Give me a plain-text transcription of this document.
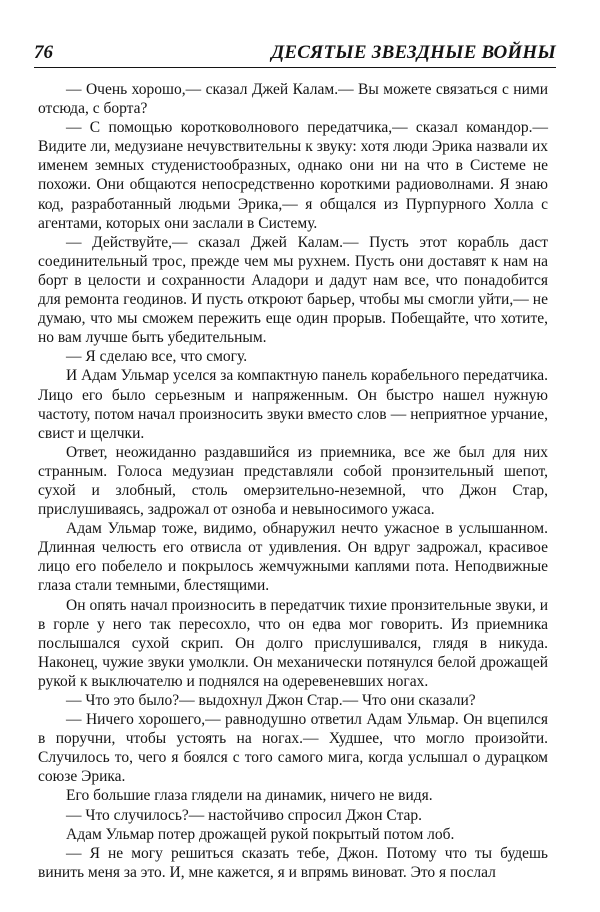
76	ДЕСЯТЫЕ ЗВЕЗДНЫЕ ВОЙНЫ

— Очень хорошо,— сказал Джей Калам.— Вы можете связаться с ними отсюда, с борта?

— С помощью коротковолнового передатчика,— сказал командор.— Видите ли, медузиане нечувствительны к звуку: хотя люди Эрика назвали их именем земных студенистообразных, однако они ни на что в Системе не похожи. Они общаются непосредственно короткими радиоволнами. Я знаю код, разработанный людьми Эрика,— я общался из Пурпурного Холла с агентами, которых они заслали в Систему.

— Действуйте,— сказал Джей Калам.— Пусть этот корабль даст соединительный трос, прежде чем мы рухнем. Пусть они доставят к нам на борт в целости и сохранности Аладори и дадут нам все, что понадобится для ремонта геодинов. И пусть откроют барьер, чтобы мы смогли уйти,— не думаю, что мы сможем пережить еще один прорыв. Побещайте, что хотите, но вам лучше быть убедительным.

— Я сделаю все, что смогу.

И Адам Ульмар уселся за компактную панель корабельного передатчика. Лицо его было серьезным и напряженным. Он быстро нашел нужную частоту, потом начал произносить звуки вместо слов — неприятное урчание, свист и щелчки.

Ответ, неожиданно раздавшийся из приемника, все же был для них странным. Голоса медузиан представляли собой пронзительный шепот, сухой и злобный, столь омерзительно-неземной, что Джон Стар, прислушиваясь, задрожал от озноба и невыносимого ужаса.

Адам Ульмар тоже, видимо, обнаружил нечто ужасное в услышанном. Длинная челюсть его отвисла от удивления. Он вдруг задрожал, красивое лицо его побелело и покрылось жемчужными каплями пота. Неподвижные глаза стали темными, блестящими.

Он опять начал произносить в передатчик тихие пронзительные звуки, и в горле у него так пересохло, что он едва мог говорить. Из приемника послышался сухой скрип. Он долго прислушивался, глядя в никуда. Наконец, чужие звуки умолкли. Он механически потянулся белой дрожащей рукой к выключателю и поднялся на одеревеневших ногах.

— Что это было?— выдохнул Джон Стар.— Что они сказали?

— Ничего хорошего,— равнодушно ответил Адам Ульмар. Он вцепился в поручни, чтобы устоять на ногах.— Худшее, что могло произойти. Случилось то, чего я боялся с того самого мига, когда услышал о дурацком союзе Эрика.

Его большие глаза глядели на динамик, ничего не видя.

— Что случилось?— настойчиво спросил Джон Стар.

Адам Ульмар потер дрожащей рукой покрытый потом лоб.

— Я не могу решиться сказать тебе, Джон. Потому что ты будешь винить меня за это. И, мне кажется, я и впрямь виноват. Это я послал
